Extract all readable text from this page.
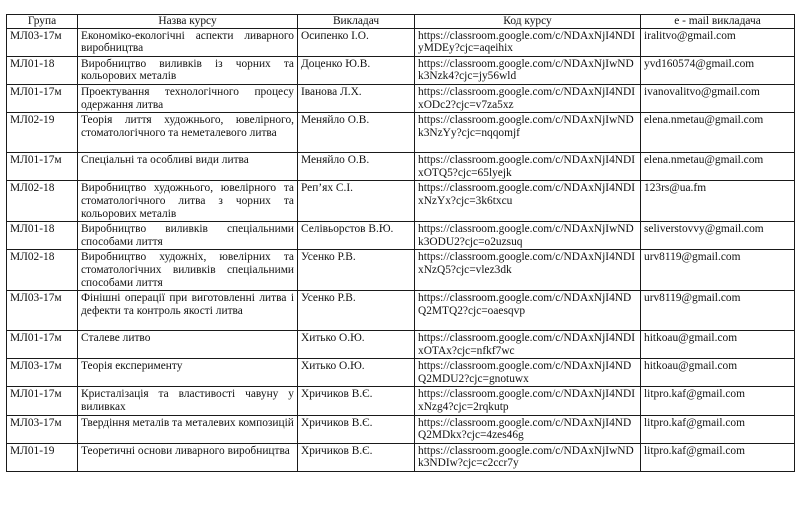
Група	Назва курсу	Викладач	Код курсу	e - mail викладача
МЛ03-17м	Економіко-екологічні аспекти ливарного виробництва	Осипенко І.О.	https://classroom.google.com/c/NDAxNjI4NDIyMDEy?cjc=aqeihix	iralitvo@gmail.com
МЛ01-18	Виробництво виливків із чорних та кольорових металів	Доценко Ю.В.	https://classroom.google.com/c/NDAxNjIwNDk3Nzk4?cjc=jy56wld	yvd160574@gmail.com
МЛ01-17м	Проектування технологічного процесу одержання литва	Іванова Л.Х.	https://classroom.google.com/c/NDAxNjI4NDIxODc2?cjc=v7za5xz	ivanovalitvo@gmail.com
МЛ02-19	Теорія лиття художнього, ювелірного, стоматологічного та неметалевого литва	Меняйло О.В.	https://classroom.google.com/c/NDAxNjIwNDk3NzYy?cjc=nqqomjf	elena.nmetau@gmail.com
МЛ01-17м	Спеціальні та особливі види литва	Меняйло О.В.	https://classroom.google.com/c/NDAxNjI4NDIxOTQ5?cjc=65lyejk	elena.nmetau@gmail.com
МЛ02-18	Виробництво художнього, ювелірного та стоматологічного литва з чорних та кольорових металів	Реп’ях С.І.	https://classroom.google.com/c/NDAxNjI4NDIxNzYx?cjc=3k6txcu	123rs@ua.fm
МЛ01-18	Виробництво виливків спеціальними способами лиття	Селівьорстов В.Ю.	https://classroom.google.com/c/NDAxNjIwNDk3ODU2?cjc=o2uzsuq	seliverstovvy@gmail.com
МЛ02-18	Виробництво художніх, ювелірних та стоматологічних виливків спеціальними способами лиття	Усенко Р.В.	https://classroom.google.com/c/NDAxNjI4NDIxNzQ5?cjc=vlez3dk	urv8119@gmail.com
МЛ03-17м	Фінішні операції при виготовленні литва і дефекти та контроль якості литва	Усенко Р.В.	https://classroom.google.com/c/NDAxNjI4NDQ2MTQ2?cjc=oaesqvp	urv8119@gmail.com
МЛ01-17м	Сталеве литво	Хитько О.Ю.	https://classroom.google.com/c/NDAxNjI4NDIxOTAx?cjc=nfkf7wc	hitkoau@gmail.com
МЛ03-17м	Теорія експерименту	Хитько О.Ю.	https://classroom.google.com/c/NDAxNjI4NDQ2MDU2?cjc=gnotuwx	hitkoau@gmail.com
МЛ01-17м	Кристалізація та властивості чавуну у виливках	Хричиков В.Є.	https://classroom.google.com/c/NDAxNjI4NDIxNzg4?cjc=2rqkutp	litpro.kaf@gmail.com
МЛ03-17м	Твердіння металів та металевих композицій	Хричиков В.Є.	https://classroom.google.com/c/NDAxNjI4NDQ2MDkx?cjc=4zes46g	litpro.kaf@gmail.com
МЛ01-19	Теоретичні основи ливарного виробництва	Хричиков В.Є.	https://classroom.google.com/c/NDAxNjIwNDk3NDIw?cjc=c2ccr7y	litpro.kaf@gmail.com
